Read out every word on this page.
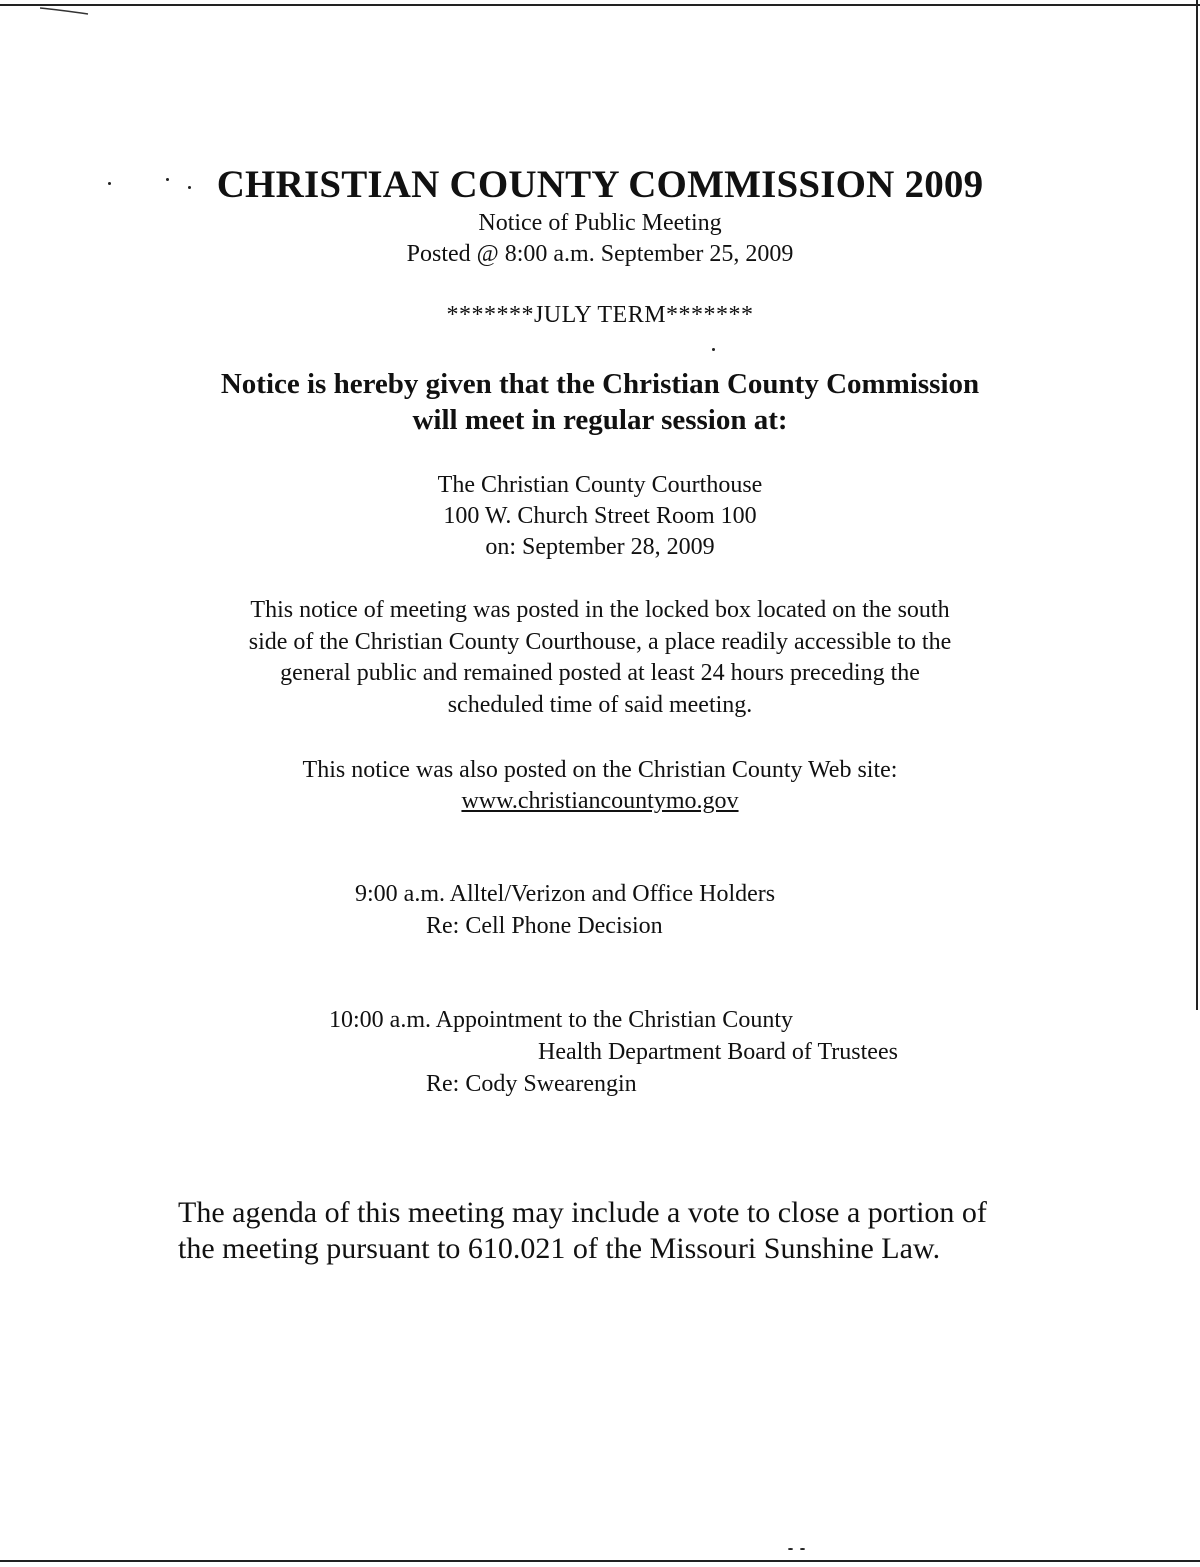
CHRISTIAN COUNTY COMMISSION 2009
Notice of Public Meeting
Posted @ 8:00 a.m. September 25, 2009
*******JULY TERM*******
Notice is hereby given that the Christian County Commission
will meet in regular session at:
The Christian County Courthouse
100 W. Church Street Room 100
on: September 28, 2009
This notice of meeting was posted in the locked box located on the south
side of the Christian County Courthouse, a place readily accessible to the
general public and remained posted at least 24 hours preceding the
scheduled time of said meeting.
This notice was also posted on the Christian County Web site:
www.christiancountymo.gov
9:00 a.m. Alltel/Verizon and Office Holders
Re: Cell Phone Decision
10:00 a.m. Appointment to the Christian County
Health Department Board of Trustees
Re: Cody Swearengin
The agenda of this meeting may include a vote to close a portion of
the meeting pursuant to 610.021 of the Missouri Sunshine Law.
